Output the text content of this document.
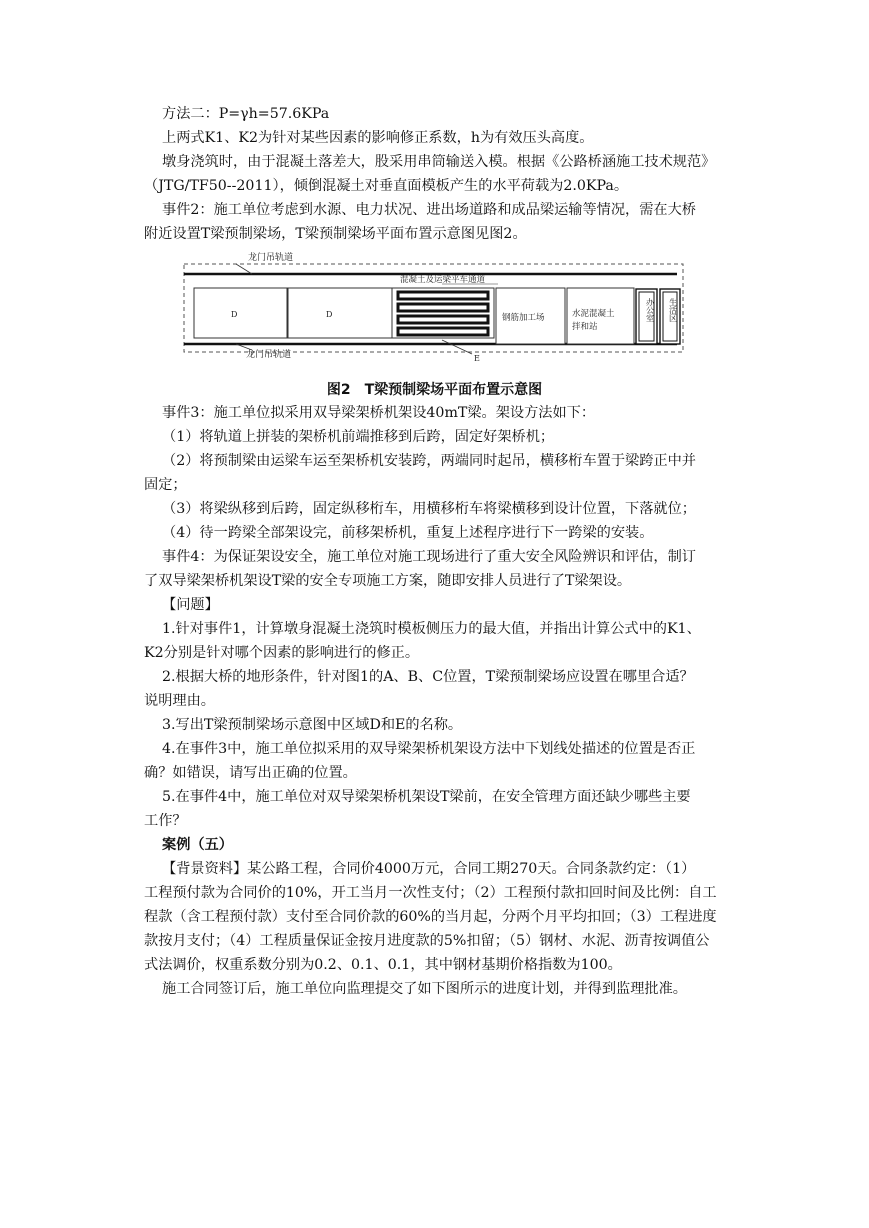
方法二：P=γh=57.6KPa
上两式K1、K2为针对某些因素的影响修正系数，h为有效压头高度。
墩身浇筑时，由于混凝土落差大，股采用串筒输送入模。根据《公路桥涵施工技术规范》
（JTG/TF50--2011），倾倒混凝土对垂直面模板产生的水平荷载为2.0KPa。
事件2：施工单位考虑到水源、电力状况、进出场道路和成品梁运输等情况，需在大桥
附近设置T梁预制梁场，T梁预制梁场平面布置示意图见图2。
龙门吊轨道
龙门吊轨道
混凝土及运梁平车通道
D	D	钢筋加工场	水泥混凝土
拌和站
办公室 生活区
E
图2　T梁预制梁场平面布置示意图
事件3：施工单位拟采用双导梁架桥机架设40mT梁。架设方法如下：
（1）将轨道上拼装的架桥机前端推移到后跨，固定好架桥机；
（2）将预制梁由运梁车运至架桥机安装跨，两端同时起吊，横移桁车置于梁跨正中并
固定；
（3）将梁纵移到后跨，固定纵移桁车，用横移桁车将梁横移到设计位置，下落就位；
（4）待一跨梁全部架设完，前移架桥机，重复上述程序进行下一跨梁的安装。
事件4：为保证架设安全，施工单位对施工现场进行了重大安全风险辨识和评估，制订
了双导梁架桥机架设T梁的安全专项施工方案，随即安排人员进行了T梁架设。
【问题】
1.针对事件1，计算墩身混凝土浇筑时模板侧压力的最大值，并指出计算公式中的K1、
K2分别是针对哪个因素的影响进行的修正。
2.根据大桥的地形条件，针对图1的A、B、C位置，T梁预制梁场应设置在哪里合适？
说明理由。
3.写出T梁预制梁场示意图中区域D和E的名称。
4.在事件3中，施工单位拟采用的双导梁架桥机架设方法中下划线处描述的位置是否正
确？如错误，请写出正确的位置。
5.在事件4中，施工单位对双导梁架桥机架设T梁前，在安全管理方面还缺少哪些主要
工作？
案例（五）
【背景资料】某公路工程，合同价4000万元，合同工期270天。合同条款约定：（1）
工程预付款为合同价的10%，开工当月一次性支付；（2）工程预付款扣回时间及比例：自工
程款（含工程预付款）支付至合同价款的60%的当月起，分两个月平均扣回；（3）工程进度
款按月支付；（4）工程质量保证金按月进度款的5%扣留；（5）钢材、水泥、沥青按调值公
式法调价，权重系数分别为0.2、0.1、0.1，其中钢材基期价格指数为100。
施工合同签订后，施工单位向监理提交了如下图所示的进度计划，并得到监理批准。
